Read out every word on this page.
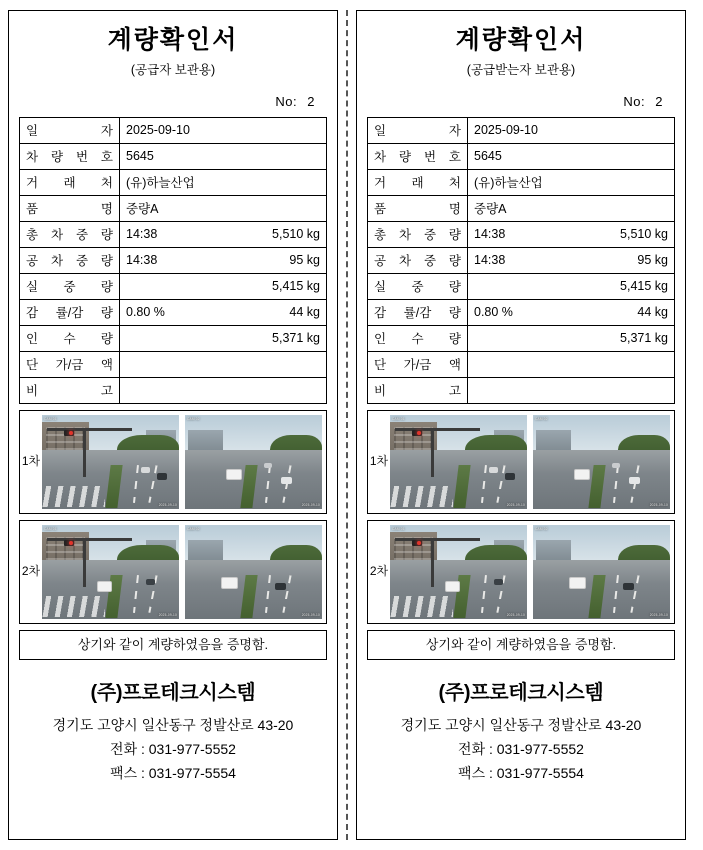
계량확인서
(공급자 보관용)
No: 2
일 자	2025-09-10

차 량 번 호	5645

거 래 처	(유)하늘산업

품 명	중량A

총 차 중 량	14:38 5,510 kg

공 차 중 량	14:38 95 kg

실 중 량	5,415 kg

감 률/감 량	0.80 % 44 kg

인 수 량	5,371 kg

단 가/금 액	

비 고	
1차
CAM 01
2025-09-10
CAM 02
2025-09-10
2차
CAM 01
2025-09-10
CAM 02
2025-09-10
상기와 같이 계량하였음을 증명함.
(주)프로테크시스템
경기도 고양시 일산동구 정발산로 43-20
전화 : 031-977-5552
팩스 : 031-977-5554
계량확인서
(공급받는자 보관용)
No: 2
일 자	2025-09-10

차 량 번 호	5645

거 래 처	(유)하늘산업

품 명	중량A

총 차 중 량	14:38 5,510 kg

공 차 중 량	14:38 95 kg

실 중 량	5,415 kg

감 률/감 량	0.80 % 44 kg

인 수 량	5,371 kg

단 가/금 액	

비 고	
1차
CAM 01
2025-09-10
CAM 02
2025-09-10
2차
CAM 01
2025-09-10
CAM 02
2025-09-10
상기와 같이 계량하였음을 증명함.
(주)프로테크시스템
경기도 고양시 일산동구 정발산로 43-20
전화 : 031-977-5552
팩스 : 031-977-5554
